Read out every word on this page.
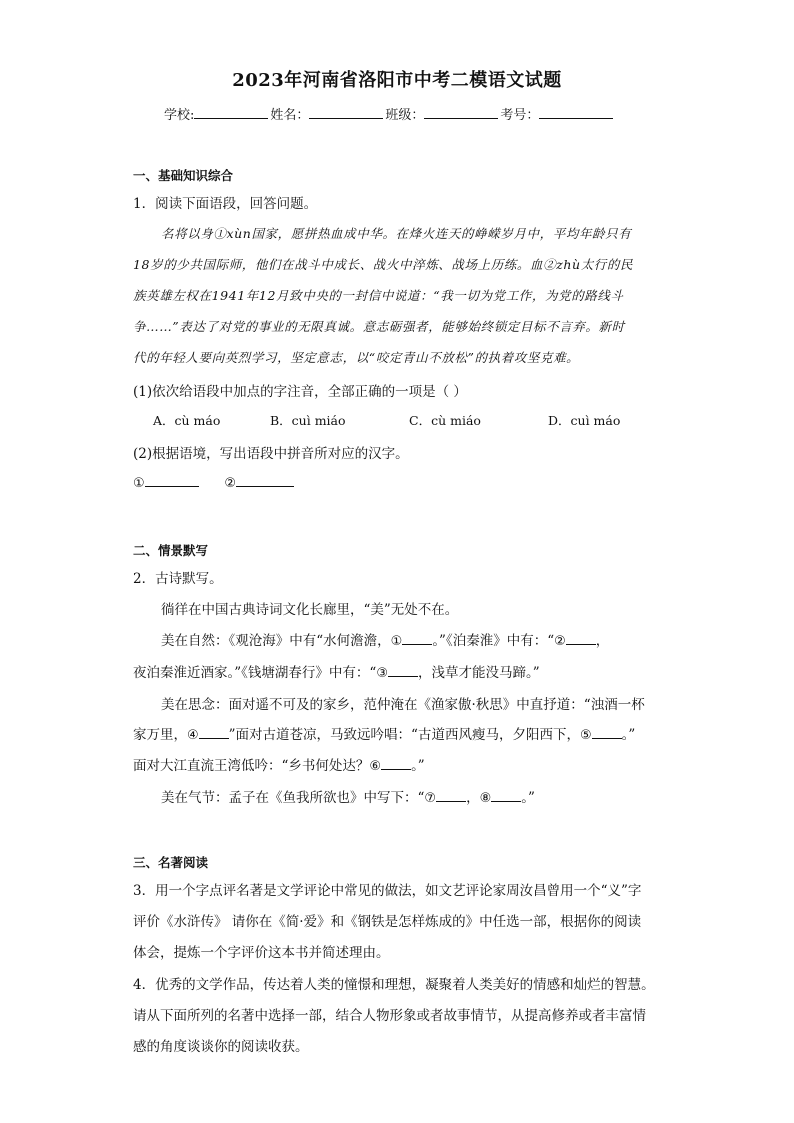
2023年河南省洛阳市中考二模语文试题
学校:	姓名：	班级：	考号：
一、基础知识综合
1．阅读下面语段，回答问题。
名将以身①xùn国家，愿拼热血成中华。在烽火连天的峥嵘岁月中，平均年龄只有
18岁的少共国际师，他们在战斗中成长、战火中淬炼、战场上历练。血②zhù太行的民
族英雄左权在1941年12月致中央的一封信中说道：“我一切为党工作，为党的路线斗
争……”表达了对党的事业的无限真诚。意志砺强者，能够始终锁定目标不言弃。新时
代的年轻人要向英烈学习，坚定意志，以“咬定青山不放松”的执着攻坚克难。
(1)依次给语段中加点的字注音，全部正确的一项是（ ）
A．cù máo	B．cuì miáo	C．cù miáo	D．cuì máo
(2)根据语境，写出语段中拼音所对应的汉字。
①	②
二、情景默写
2．古诗默写。
徜徉在中国古典诗词文化长廊里，“美”无处不在。
美在自然：《观沧海》中有“水何澹澹，① 。”《泊秦淮》中有：“② ，
夜泊秦淮近酒家。”《钱塘湖春行》中有：“③ ，浅草才能没马蹄。”
美在思念：面对遥不可及的家乡，范仲淹在《渔家傲·秋思》中直抒道：“浊酒一杯
家万里，④ ”面对古道苍凉，马致远吟唱：“古道西风瘦马，夕阳西下，⑤ 。”
面对大江直流王湾低吟：“乡书何处达？⑥ 。”
美在气节：孟子在《鱼我所欲也》中写下：“⑦ ，⑧ 。”
三、名著阅读
3．用一个字点评名著是文学评论中常见的做法，如文艺评论家周汝昌曾用一个“义”字
评价《水浒传》 请你在《简·爱》和《钢铁是怎样炼成的》中任选一部，根据你的阅读
体会，提炼一个字评价这本书并简述理由。
4．优秀的文学作品，传达着人类的憧憬和理想，凝聚着人类美好的情感和灿烂的智慧。
请从下面所列的名著中选择一部，结合人物形象或者故事情节，从提高修养或者丰富情
感的角度谈谈你的阅读收获。
